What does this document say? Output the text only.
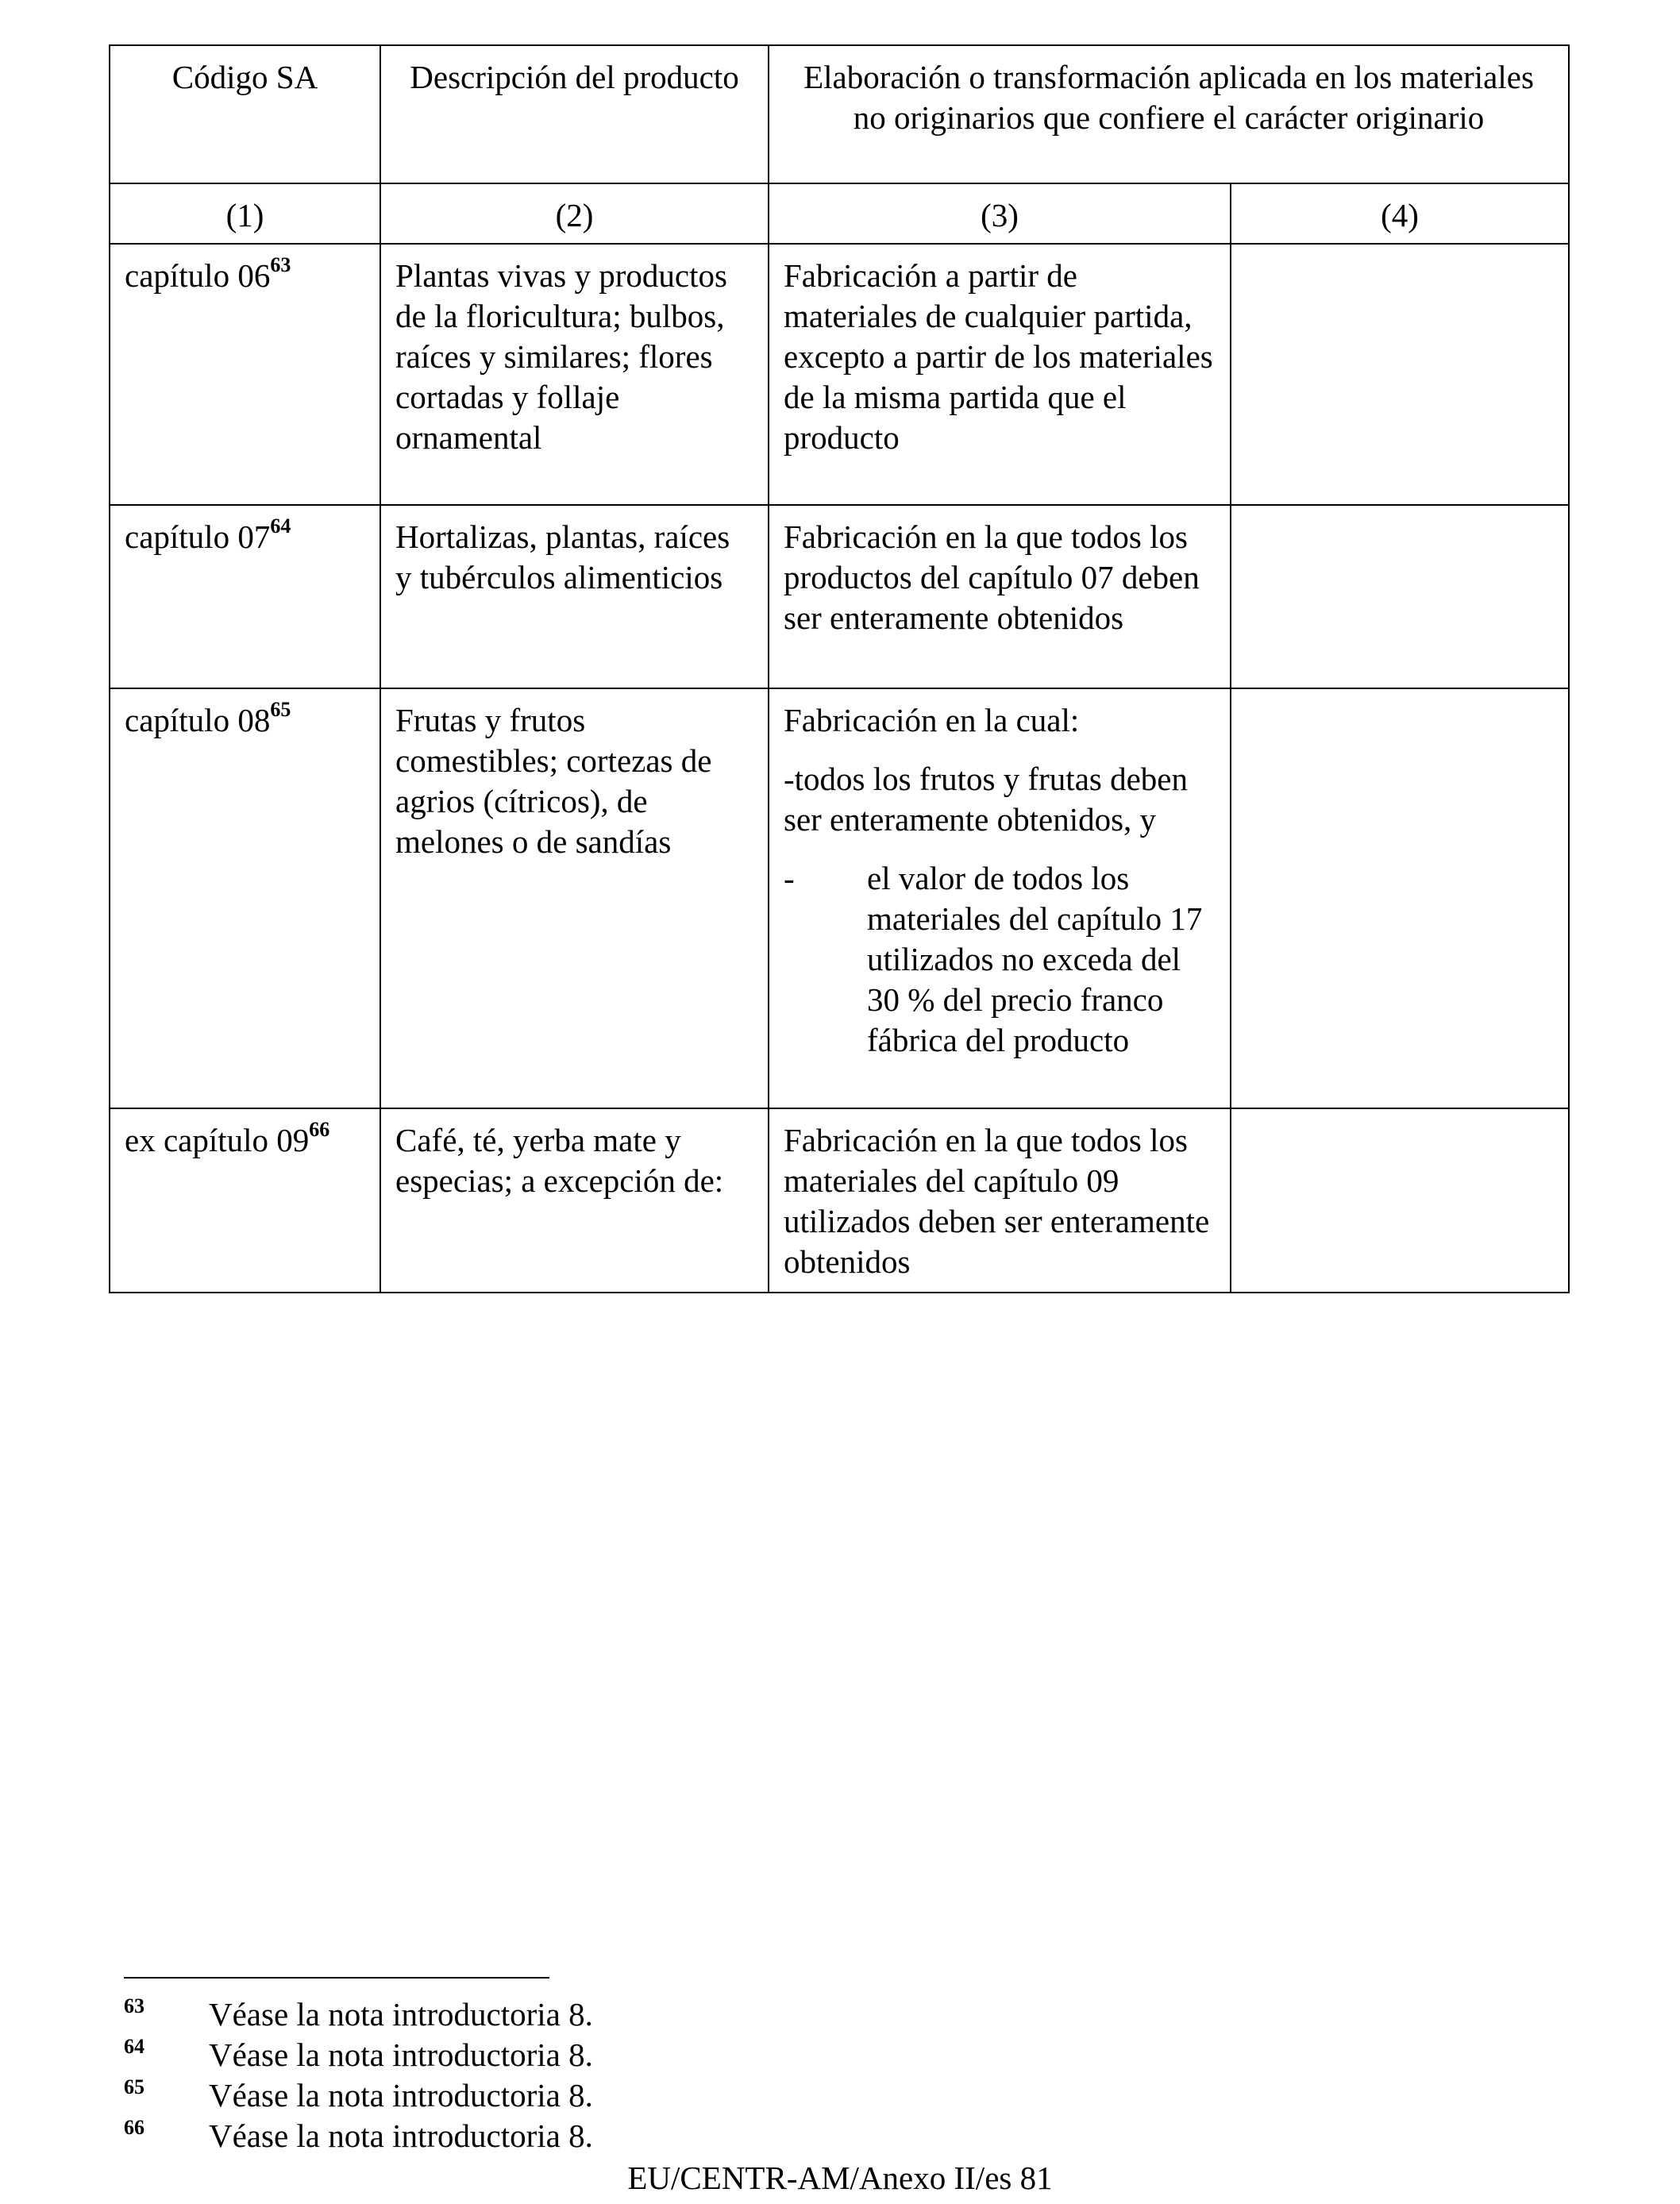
Código SA	Descripción del producto	Elaboración o transformación aplicada en los materiales no originarios que confiere el carácter originario	
(1)	(2)	(3)	(4)
capítulo 06$^{63}$	Plantas vivas y productos de la floricultura; bulbos, raíces y similares; flores cortadas y follaje ornamental	Fabricación a partir de materiales de cualquier partida, excepto a partir de los materiales de la misma partida que el producto	
capítulo 07$^{64}$	Hortalizas, plantas, raíces y tubérculos alimenticios	Fabricación en la que todos los productos del capítulo 07 deben ser enteramente obtenidos	
capítulo 08$^{65}$	Frutas y frutos comestibles; cortezas de agrios (cítricos), de melones o de sandías	Fabricación en la cual:

-todos los frutos y frutas deben ser enteramente obtenidos, y

- el valor de todos los materiales del capítulo 17 utilizados no exceda del 30 % del precio franco fábrica del producto	

ex capítulo 09$^{66}$	Café, té, yerba mate y especias; a excepción de:	Fabricación en la que todos los materiales del capítulo 09 utilizados deben ser enteramente obtenidos	
63	Véase la nota introductoria 8.
64	Véase la nota introductoria 8.
65	Véase la nota introductoria 8.
66	Véase la nota introductoria 8.
EU/CENTR-AM/Anexo II/es 81
